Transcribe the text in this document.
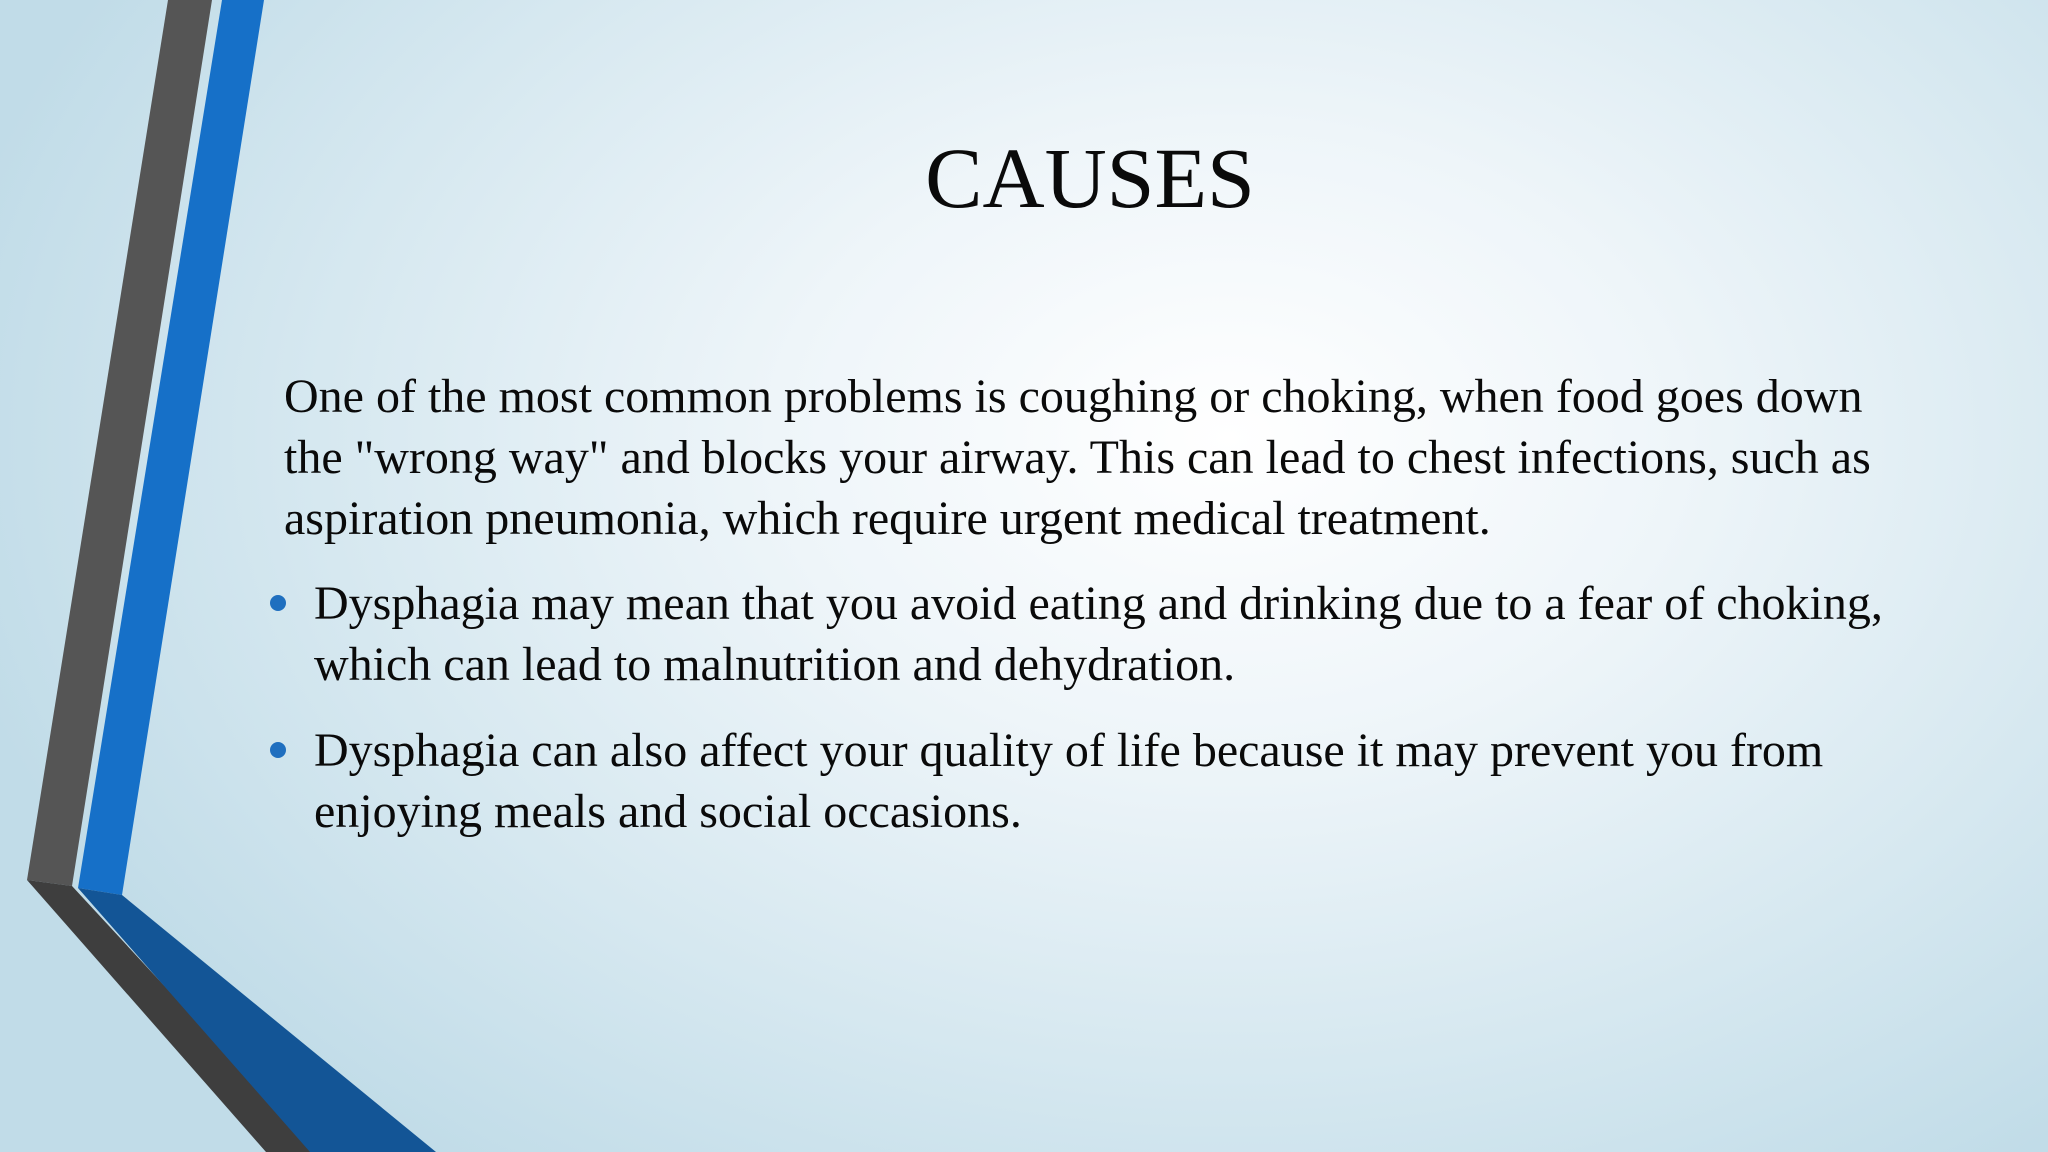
CAUSES

One of the most common problems is coughing or choking, when food goes down the "wrong way" and blocks your airway. This can lead to chest infections, such as aspiration pneumonia, which require urgent medical treatment.

Dysphagia may mean that you avoid eating and drinking due to a fear of choking, which can lead to malnutrition and dehydration.
Dysphagia can also affect your quality of life because it may prevent you from enjoying meals and social occasions.
